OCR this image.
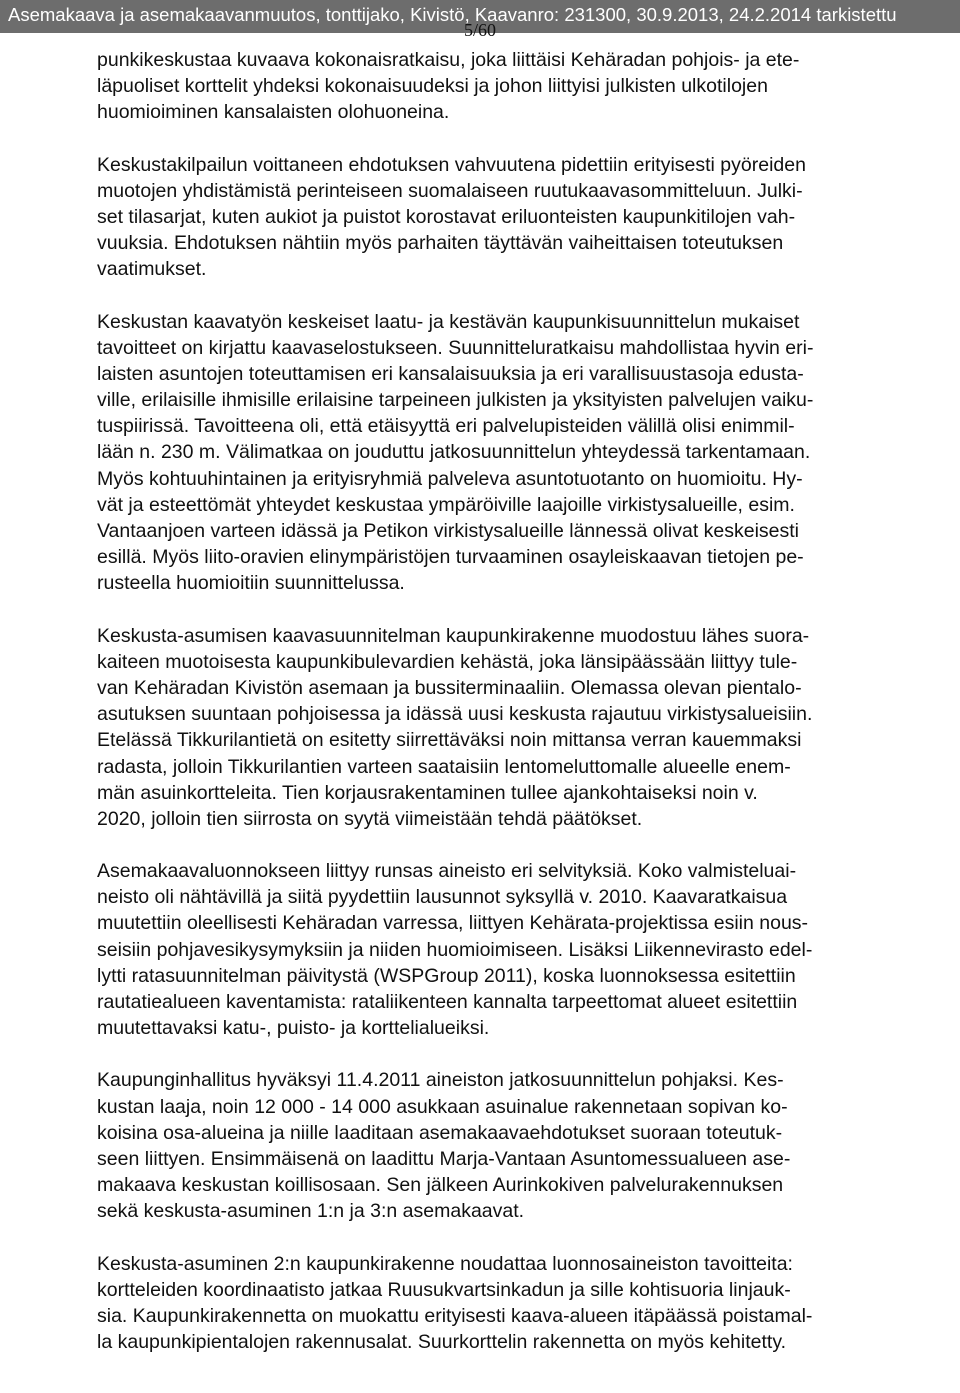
Asemakaava ja asemakaavanmuutos, tonttijako, Kivistö, Kaavanro: 231300, 30.9.2013, 24.2.2014 tarkistettu
5/60
punkikeskustaa kuvaava kokonaisratkaisu, joka liittäisi Kehäradan pohjois- ja ete-
läpuoliset korttelit yhdeksi kokonaisuudeksi ja johon liittyisi julkisten ulkotilojen
huomioiminen kansalaisten olohuoneina.
Keskustakilpailun voittaneen ehdotuksen vahvuutena pidettiin erityisesti pyöreiden
muotojen yhdistämistä perinteiseen suomalaiseen ruutukaavasommitteluun. Julki-
set tilasarjat, kuten aukiot ja puistot korostavat eriluonteisten kaupunkitilojen vah-
vuuksia. Ehdotuksen nähtiin myös parhaiten täyttävän vaiheittaisen toteutuksen
vaatimukset.
Keskustan kaavatyön keskeiset laatu- ja kestävän kaupunkisuunnittelun mukaiset
tavoitteet on kirjattu kaavaselostukseen. Suunnitteluratkaisu mahdollistaa hyvin eri-
laisten asuntojen toteuttamisen eri kansalaisuuksia ja eri varallisuustasoja edusta-
ville, erilaisille ihmisille erilaisine tarpeineen julkisten ja yksityisten palvelujen vaiku-
tuspiirissä. Tavoitteena oli, että etäisyyttä eri palvelupisteiden välillä olisi enimmil-
lään n. 230 m. Välimatkaa on jouduttu jatkosuunnittelun yhteydessä tarkentamaan.
Myös kohtuuhintainen ja erityisryhmiä palveleva asuntotuotanto on huomioitu. Hy-
vät ja esteettömät yhteydet keskustaa ympäröiville laajoille virkistysalueille, esim.
Vantaanjoen varteen idässä ja Petikon virkistysalueille lännessä olivat keskeisesti
esillä. Myös liito-oravien elinympäristöjen turvaaminen osayleiskaavan tietojen pe-
rusteella huomioitiin suunnittelussa.
Keskusta-asumisen kaavasuunnitelman kaupunkirakenne muodostuu lähes suora-
kaiteen muotoisesta kaupunkibulevardien kehästä, joka länsipäässään liittyy tule-
van Kehäradan Kivistön asemaan ja bussiterminaaliin. Olemassa olevan pientalo-
asutuksen suuntaan pohjoisessa ja idässä uusi keskusta rajautuu virkistysalueisiin.
Etelässä Tikkurilantietä on esitetty siirrettäväksi noin mittansa verran kauemmaksi
radasta, jolloin Tikkurilantien varteen saataisiin lentomeluttomalle alueelle enem-
män asuinkortteleita. Tien korjausrakentaminen tullee ajankohtaiseksi noin v.
2020, jolloin tien siirrosta on syytä viimeistään tehdä päätökset.
Asemakaavaluonnokseen liittyy runsas aineisto eri selvityksiä. Koko valmisteluai-
neisto oli nähtävillä ja siitä pyydettiin lausunnot syksyllä v. 2010. Kaavaratkaisua
muutettiin oleellisesti Kehäradan varressa, liittyen Kehärata-projektissa esiin nous-
seisiin pohjavesikysymyksiin ja niiden huomioimiseen. Lisäksi Liikennevirasto edel-
lytti ratasuunnitelman päivitystä (WSPGroup 2011), koska luonnoksessa esitettiin
rautatiealueen kaventamista: rataliikenteen kannalta tarpeettomat alueet esitettiin
muutettavaksi katu-, puisto- ja korttelialueiksi.
Kaupunginhallitus hyväksyi 11.4.2011 aineiston jatkosuunnittelun pohjaksi. Kes-
kustan laaja, noin 12 000 - 14 000 asukkaan asuinalue rakennetaan sopivan ko-
koisina osa-alueina ja niille laaditaan asemakaavaehdotukset suoraan toteutuk-
seen liittyen. Ensimmäisenä on laadittu Marja-Vantaan Asuntomessualueen ase-
makaava keskustan koillisosaan. Sen jälkeen Aurinkokiven palvelurakennuksen
sekä keskusta-asuminen 1:n ja 3:n asemakaavat.
Keskusta-asuminen 2:n kaupunkirakenne noudattaa luonnosaineiston tavoitteita:
kortteleiden koordinaatisto jatkaa Ruusukvartsinkadun ja sille kohtisuoria linjauk-
sia. Kaupunkirakennetta on muokattu erityisesti kaava-alueen itäpäässä poistamal-
la kaupunkipientalojen rakennusalat. Suurkorttelin rakennetta on myös kehitetty.
